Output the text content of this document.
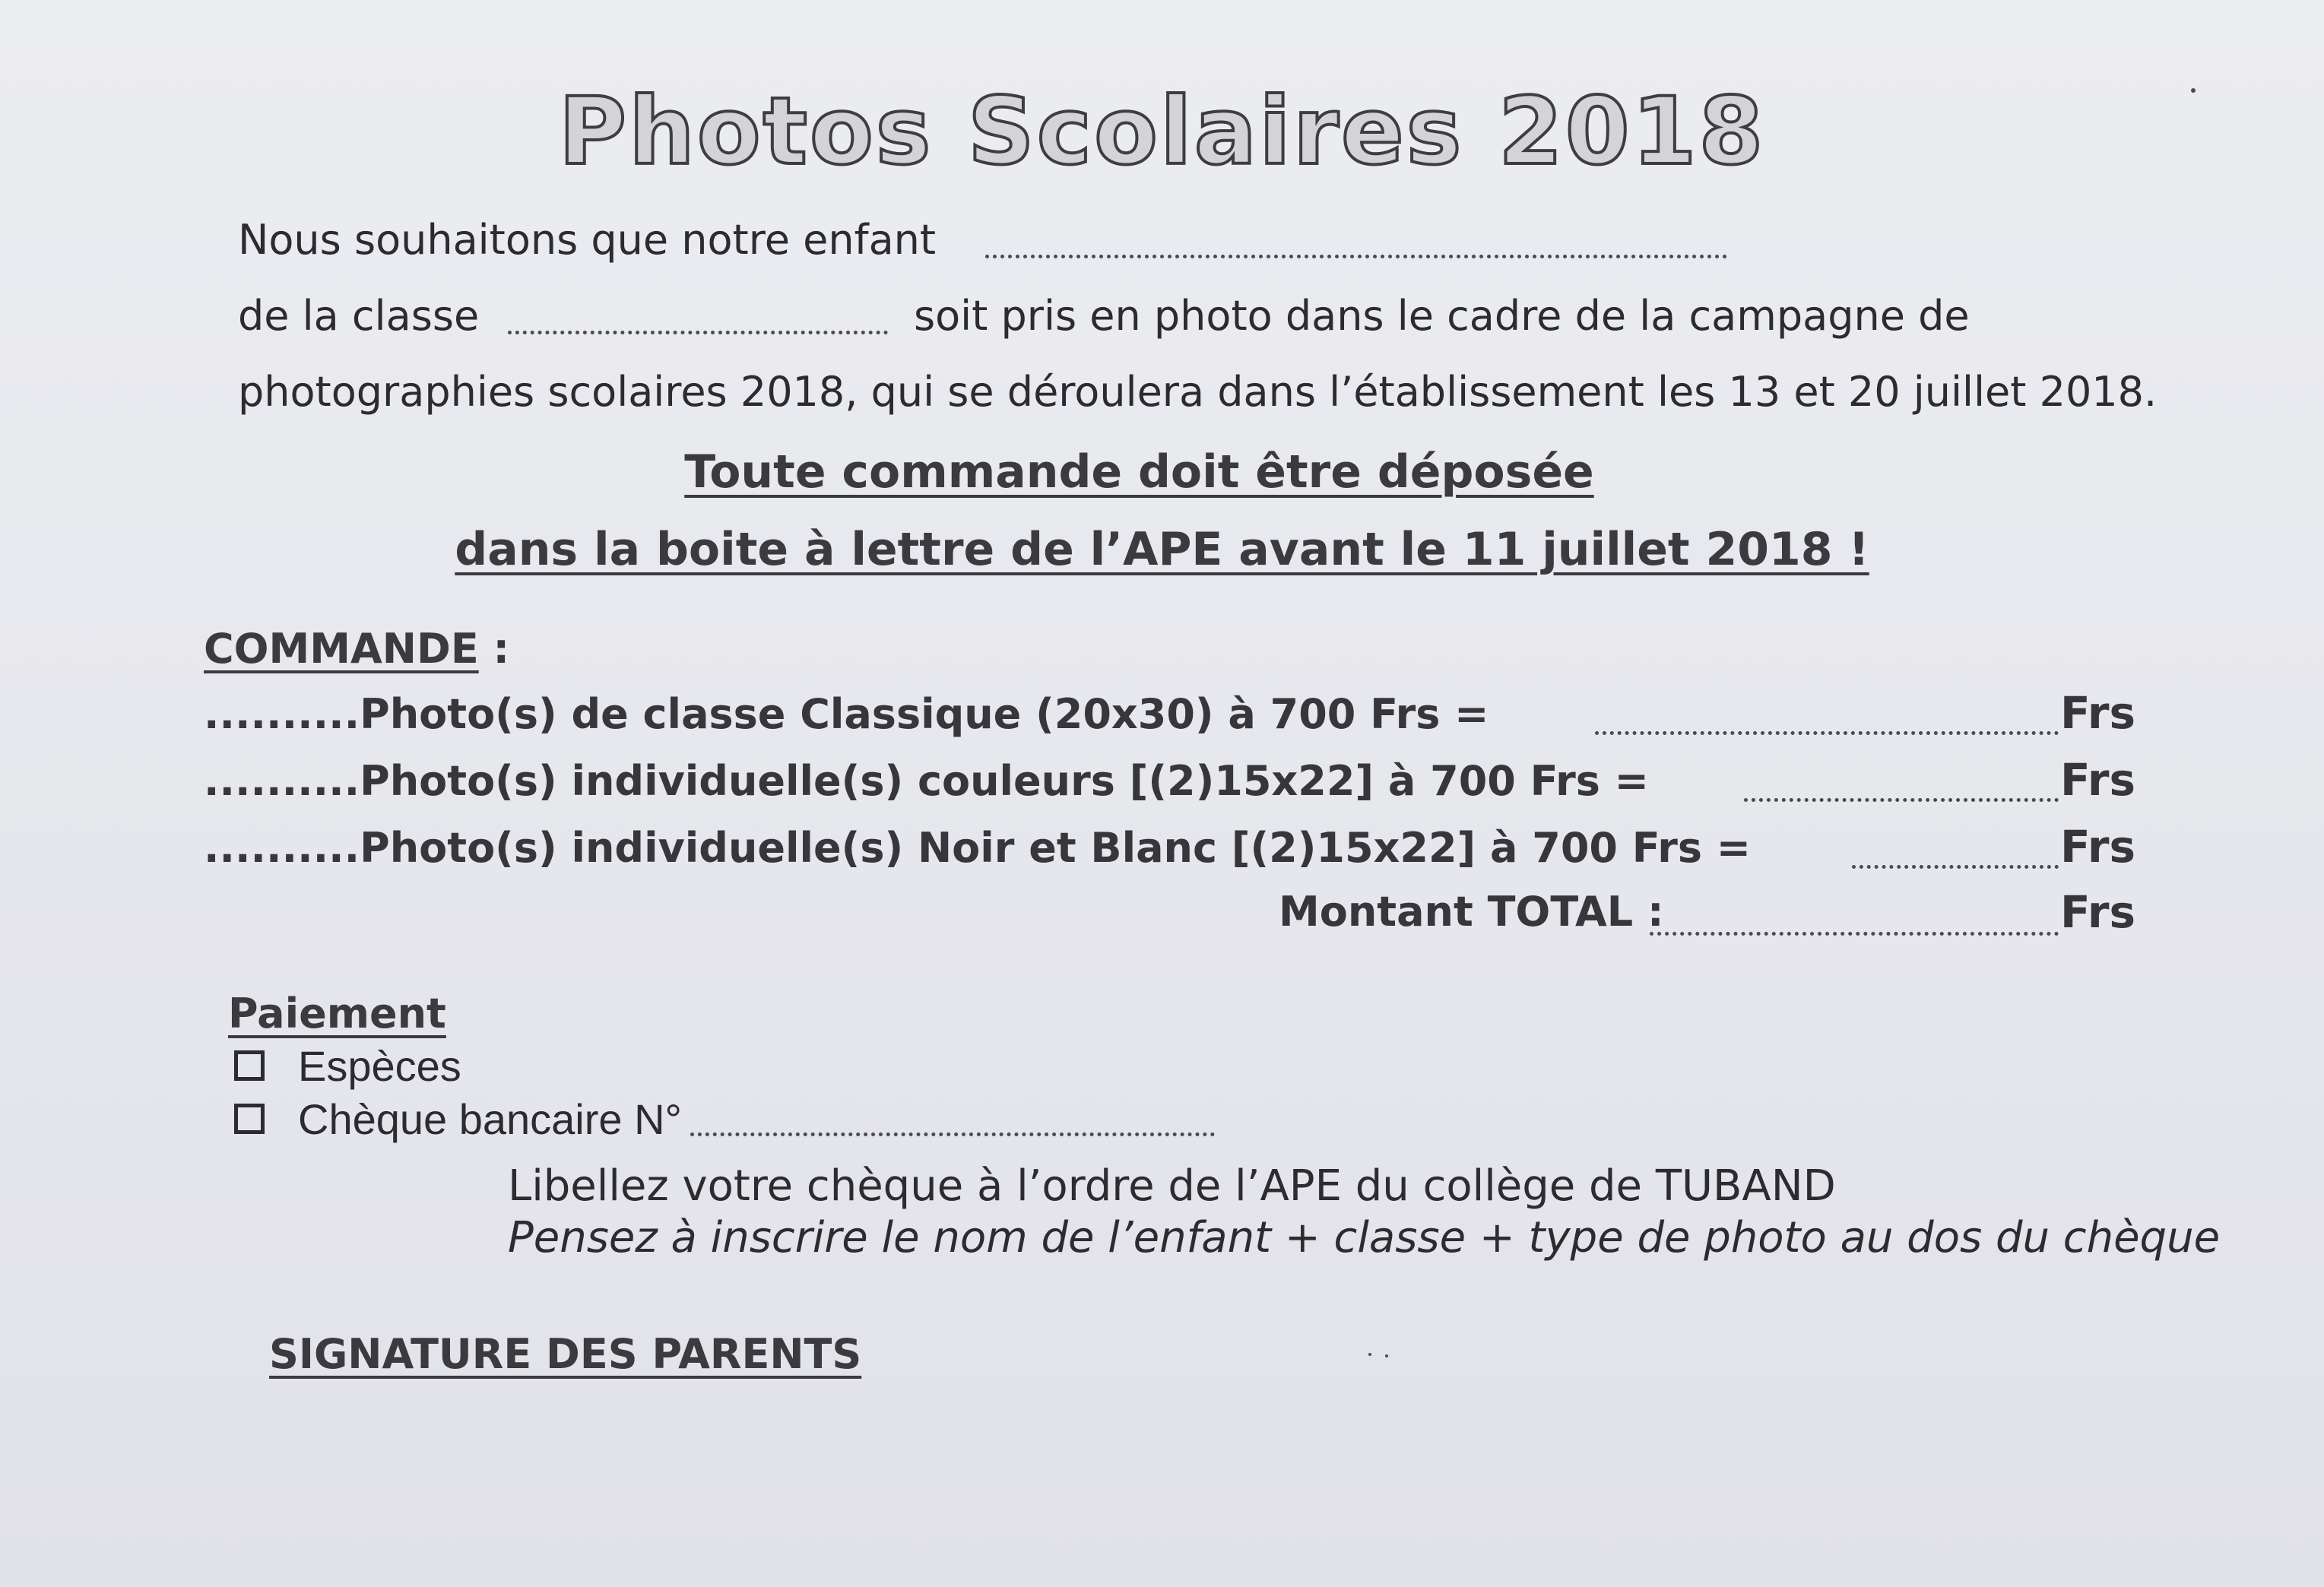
Photos Scolaires 2018
Nous souhaitons que notre enfant
de la classe	soit pris en photo dans le cadre de la campagne de
photographies scolaires 2018, qui se déroulera dans l’établissement les 13 et 20 juillet 2018.
Toute commande doit être déposée
dans la boite à lettre de l’APE avant le 11 juillet 2018 !
COMMANDE :
..........Photo(s) de classe Classique (20x30) à 700 Frs =	Frs
..........Photo(s) individuelle(s) couleurs [(2)15x22] à 700 Frs =	Frs
..........Photo(s) individuelle(s) Noir et Blanc [(2)15x22] à 700 Frs =	Frs
Montant TOTAL :	Frs
Paiement
Espèces
Chèque bancaire N°
Libellez votre chèque à l’ordre de l’APE du collège de TUBAND
Pensez à inscrire le nom de l’enfant + classe + type de photo au dos du chèque
SIGNATURE DES PARENTS
